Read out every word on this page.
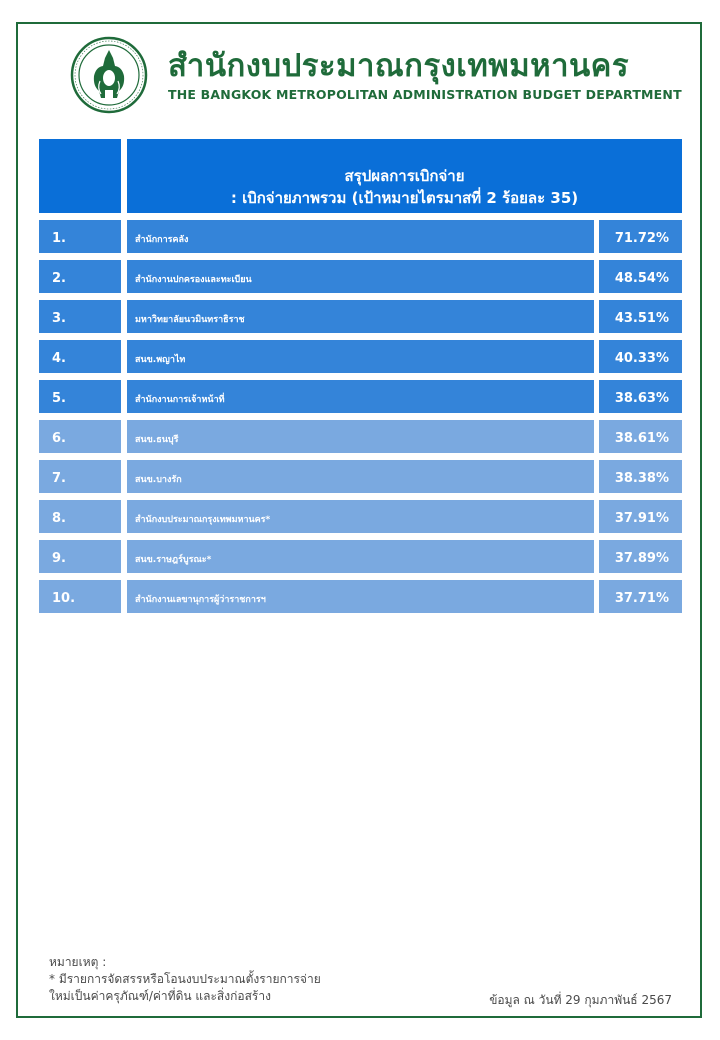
สำนักงบประมาณกรุงเทพมหานคร
THE BANGKOK METROPOLITAN ADMINISTRATION BUDGET DEPARTMENT
สรุปผลการเบิกจ่าย
: เบิกจ่ายภาพรวม (เป้าหมายไตรมาสที่ 2 ร้อยละ 35)
1.	สำนักการคลัง	71.72%
2.	สำนักงานปกครองและทะเบียน	48.54%
3.	มหาวิทยาลัยนวมินทราธิราช	43.51%
4.	สนข.พญาไท	40.33%
5.	สำนักงานการเจ้าหน้าที่	38.63%
6.	สนข.ธนบุรี	38.61%
7.	สนข.บางรัก	38.38%
8.	สำนักงบประมาณกรุงเทพมหานคร*	37.91%
9.	สนข.ราษฎร์บูรณะ*	37.89%
10.	สำนักงานเลขานุการผู้ว่าราชการฯ	37.71%
หมายเหตุ :
* มีรายการจัดสรรหรือโอนงบประมาณตั้งรายการจ่าย
ใหม่เป็นค่าครุภัณฑ์/ค่าที่ดิน และสิ่งก่อสร้าง	ข้อมูล ณ วันที่ 29 กุมภาพันธ์ 2567
